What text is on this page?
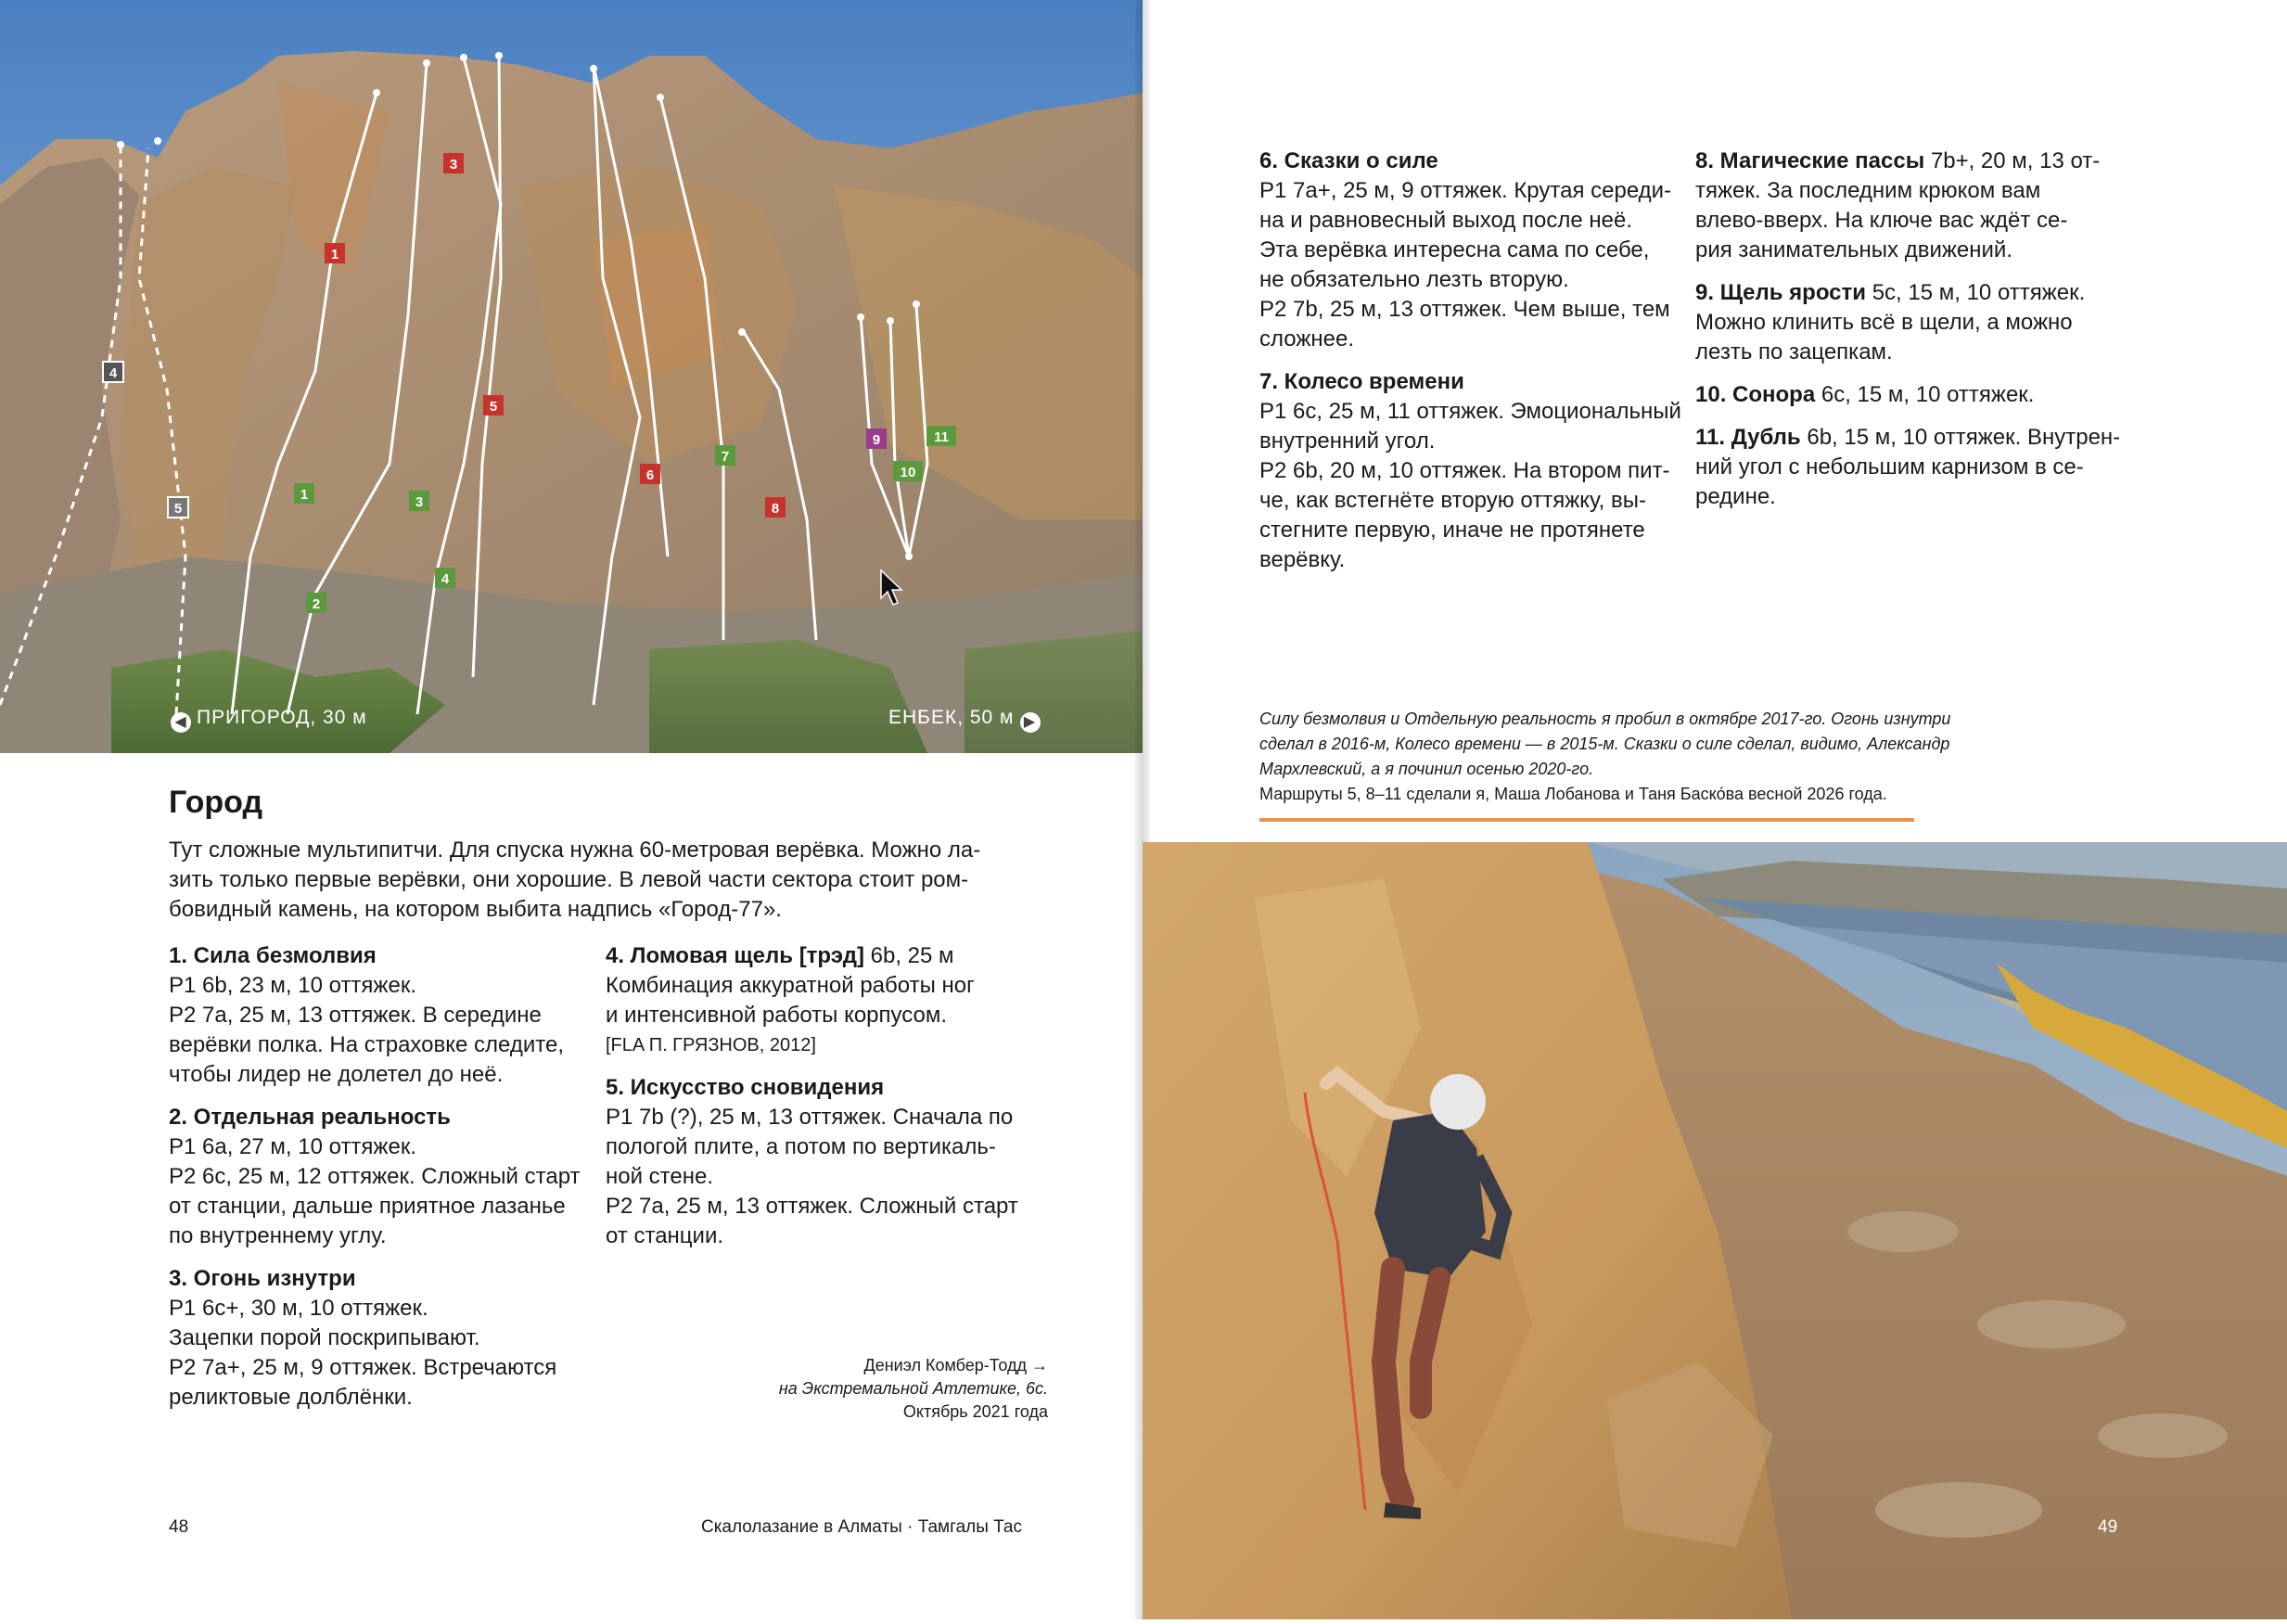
1
3
5
6
8
1
2
3
4
7
9
10
11
4
5
◀ ПРИГОРОД, 30 м	ЕНБЕК, 50 м ▶
Город
Тут сложные мультипитчи. Для спуска нужна 60-метровая верёвка. Можно ла-
зить только первые верёвки, они хорошие. В левой части сектора стоит ром-
бовидный камень, на котором выбита надпись «Город-77».

1. Сила безмолвия

P1 6b, 23 м, 10 оттяжек.

P2 7a, 25 м, 13 оттяжек. В середине

верёвки полка. На страховке следите,

чтобы лидер не долетел до неё.

2. Отдельная реальность

P1 6a, 27 м, 10 оттяжек.

P2 6c, 25 м, 12 оттяжек. Сложный старт

от станции, дальше приятное лазанье

по внутреннему углу.

3. Огонь изнутри

P1 6c+, 30 м, 10 оттяжек.

Зацепки порой поскрипывают.

P2 7a+, 25 м, 9 оттяжек. Встречаются

реликтовые долблёнки.

4. Ломовая щель [трэд] 6b, 25 м

Комбинация аккуратной работы ног

и интенсивной работы корпусом.

[FLA П. ГРЯЗНОВ, 2012]

5. Искусство сновидения

P1 7b (?), 25 м, 13 оттяжек. Сначала по

пологой плите, а потом по вертикаль-

ной стене.

P2 7a, 25 м, 13 оттяжек. Сложный старт

от станции.

Дениэл Комбер-Тодд →
на Экстремальной Атлетике, 6c.
Октябрь 2021 года
48	Скалолазание в Алматы · Тамгалы Тас

6. Сказки о силе

P1 7a+, 25 м, 9 оттяжек. Крутая середи-

на и равновесный выход после неё.

Эта верёвка интересна сама по себе,

не обязательно лезть вторую.

P2 7b, 25 м, 13 оттяжек. Чем выше, тем

сложнее.

7. Колесо времени

P1 6c, 25 м, 11 оттяжек. Эмоциональный

внутренний угол.

P2 6b, 20 м, 10 оттяжек. На втором пит-

че, как встегнёте вторую оттяжку, вы-

стегните первую, иначе не протянете

верёвку.

8. Магические пассы 7b+, 20 м, 13 от-

тяжек. За последним крюком вам

влево-вверх. На ключе вас ждёт се-

рия занимательных движений.

9. Щель ярости 5c, 15 м, 10 оттяжек.

Можно клинить всё в щели, а можно

лезть по зацепкам.

10. Сонора 6c, 15 м, 10 оттяжек.

11. Дубль 6b, 15 м, 10 оттяжек. Внутрен-

ний угол с небольшим карнизом в се-

редине.

Силу безмолвия и Отдельную реальность я пробил в октябре 2017-го. Огонь изнутри
сделал в 2016-м, Колесо времени — в 2015-м. Сказки о силе сделал, видимо, Александр
Мархлевский, а я починил осенью 2020-го.
Маршруты 5, 8–11 сделали я, Маша Лобанова и Таня Баско́ва весной 2026 года.
49
